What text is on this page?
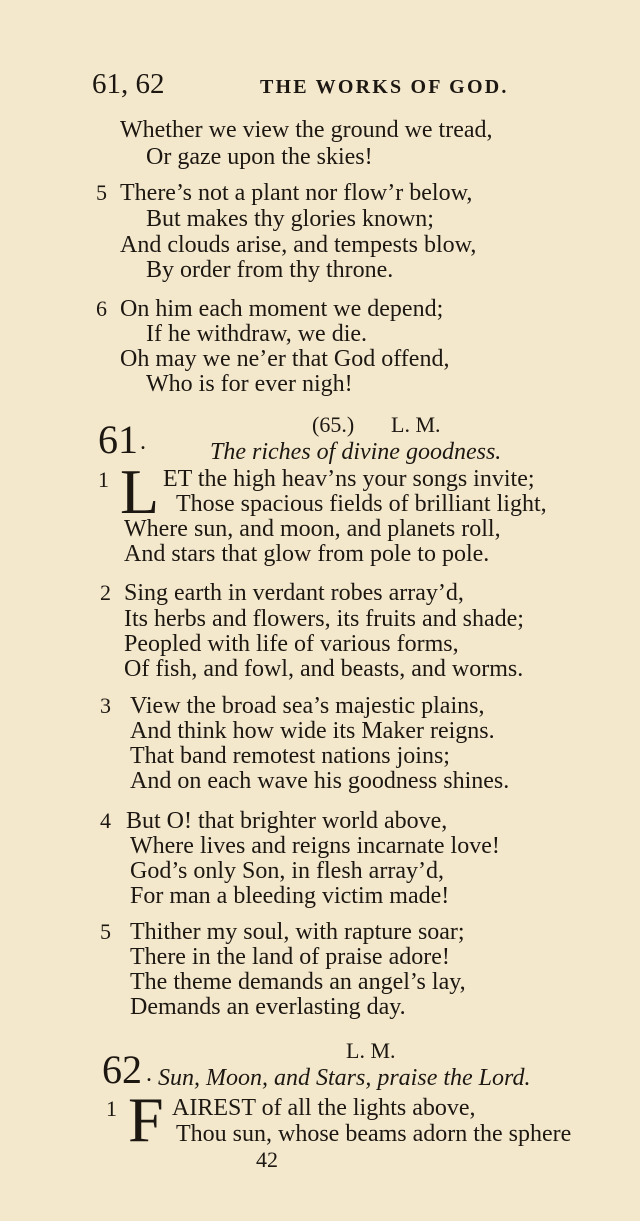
61, 62	THE WORKS OF GOD.
Whether we view the ground we tread,
Or gaze upon the skies!
5 There’s not a plant nor flow’r below,
But makes thy glories known;
And clouds arise, and tempests blow,
By order from thy throne.
6 On him each moment we depend;
If he withdraw, we die.
Oh may we ne’er that God offend,
Who is for ever nigh!
61 .
(65.) L. M.
The riches of divine goodness.
1 L ET the high heav’ns your songs invite;
Those spacious fields of brilliant light,
Where sun, and moon, and planets roll,
And stars that glow from pole to pole.
2 Sing earth in verdant robes array’d,
Its herbs and flowers, its fruits and shade;
Peopled with life of various forms,
Of fish, and fowl, and beasts, and worms.
3 View the broad sea’s majestic plains,
And think how wide its Maker reigns.
That band remotest nations joins;
And on each wave his goodness shines.
4 But O! that brighter world above,
Where lives and reigns incarnate love!
God’s only Son, in flesh array’d,
For man a bleeding victim made!
5 Thither my soul, with rapture soar;
There in the land of praise adore!
The theme demands an angel’s lay,
Demands an everlasting day.
L. M.
62 . Sun, Moon, and Stars, praise the Lord.
1 F AIREST of all the lights above,
Thou sun, whose beams adorn the sphere
42
